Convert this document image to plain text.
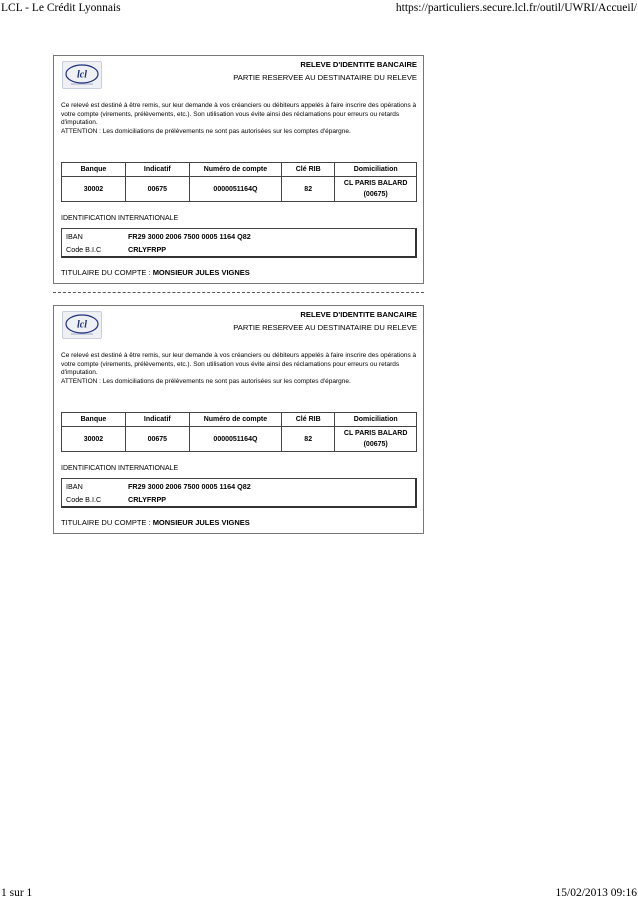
LCL - Le Crédit Lyonnais	https://particuliers.secure.lcl.fr/outil/UWRI/Accueil/
lcl
RELEVE D'IDENTITE BANCAIRE
PARTIE RESERVEE AU DESTINATAIRE DU RELEVE
Ce relevé est destiné à être remis, sur leur demande à vos créanciers ou débiteurs appelés à faire inscrire des opérations à votre compte (virements, prélèvements, etc.). Son utilisation vous évite ainsi des réclamations pour erreurs ou retards d'imputation.
ATTENTION : Les domiciliations de prélèvements ne sont pas autorisées sur les comptes d'épargne.
Banque	Indicatif	Numéro de compte	Clé RIB	Domiciliation
30002	00675	0000051164Q	82	CL PARIS BALARD
(00675)
IDENTIFICATION INTERNATIONALE
IBAN	FR29 3000 2006 7500 0005 1164 Q82
Code B.I.C	CRLYFRPP
TITULAIRE DU COMPTE : MONSIEUR JULES VIGNES
lcl
RELEVE D'IDENTITE BANCAIRE
PARTIE RESERVEE AU DESTINATAIRE DU RELEVE
Ce relevé est destiné à être remis, sur leur demande à vos créanciers ou débiteurs appelés à faire inscrire des opérations à votre compte (virements, prélèvements, etc.). Son utilisation vous évite ainsi des réclamations pour erreurs ou retards d'imputation.
ATTENTION : Les domiciliations de prélèvements ne sont pas autorisées sur les comptes d'épargne.
Banque	Indicatif	Numéro de compte	Clé RIB	Domiciliation
30002	00675	0000051164Q	82	CL PARIS BALARD
(00675)
IDENTIFICATION INTERNATIONALE
IBAN	FR29 3000 2006 7500 0005 1164 Q82
Code B.I.C	CRLYFRPP
TITULAIRE DU COMPTE : MONSIEUR JULES VIGNES
1 sur 1	15/02/2013 09:16
